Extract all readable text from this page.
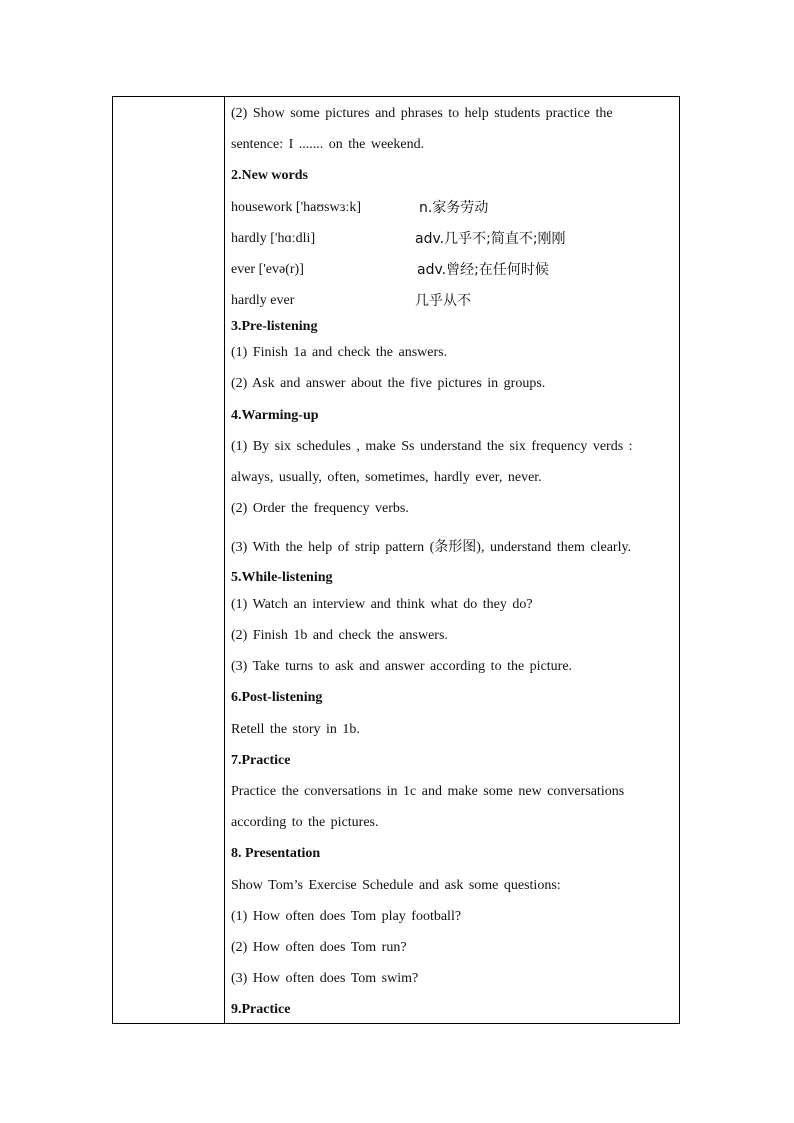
(2) Show some pictures and phrases to help students practice the
sentence: I ....... on the weekend.
2.New words
housework ['haʊswɜːk]	n.家务劳动
hardly ['hɑːdli]	adv.几乎不;简直不;刚刚
ever ['evə(r)]	adv.曾经;在任何时候
hardly ever	几乎从不
3.Pre-listening
(1) Finish 1a and check the answers.
(2) Ask and answer about the five pictures in groups.
4.Warming-up
(1) By six schedules , make Ss understand the six frequency verds :
always, usually, often, sometimes, hardly ever, never.
(2) Order the frequency verbs.
(3) With the help of strip pattern (条形图), understand them clearly.
5.While-listening
(1) Watch an interview and think what do they do?
(2) Finish 1b and check the answers.
(3) Take turns to ask and answer according to the picture.
6.Post-listening
Retell the story in 1b.
7.Practice
Practice the conversations in 1c and make some new conversations
according to the pictures.
8. Presentation
Show Tom’s Exercise Schedule and ask some questions:
(1) How often does Tom play football?
(2) How often does Tom run?
(3) How often does Tom swim?
9.Practice
